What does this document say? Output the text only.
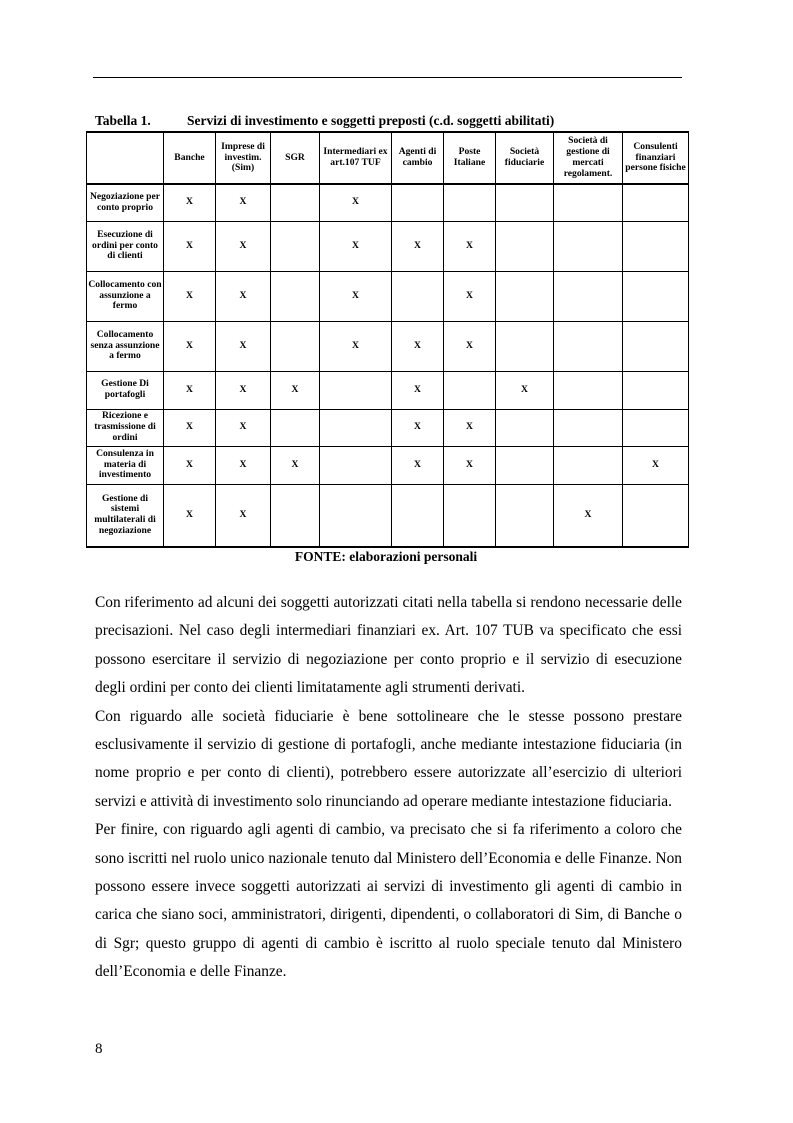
Tabella 1.	Servizi di investimento e soggetti preposti (c.d. soggetti abilitati)
	Banche	Imprese di investim. (Sim)	SGR	Intermediari ex art.107 TUF	Agenti di cambio	Poste Italiane	Società fiduciarie	Società di gestione di mercati regolament.	Consulenti finanziari persone fisiche
Negoziazione per conto proprio	X	X		X					
Esecuzione di ordini per conto di clienti	X	X		X	X	X			
Collocamento con assunzione a fermo	X	X		X		X			
Collocamento senza assunzione a fermo	X	X		X	X	X			
Gestione Di portafogli	X	X	X		X		X		
Ricezione e trasmissione di ordini	X	X			X	X			
Consulenza in materia di investimento	X	X	X		X	X			X
Gestione di sistemi multilaterali di negoziazione	X	X						X	
FONTE: elaborazioni personali

Con riferimento ad alcuni dei soggetti autorizzati citati nella tabella si rendono necessarie delle precisazioni. Nel caso degli intermediari finanziari ex. Art. 107 TUB va specificato che essi possono esercitare il servizio di negoziazione per conto proprio e il servizio di esecuzione degli ordini per conto dei clienti limitatamente agli strumenti derivati.

Con riguardo alle società fiduciarie è bene sottolineare che le stesse possono prestare esclusivamente il servizio di gestione di portafogli, anche mediante intestazione fiduciaria (in nome proprio e per conto di clienti), potrebbero essere autorizzate all’esercizio di ulteriori servizi e attività di investimento solo rinunciando ad operare mediante intestazione fiduciaria.

Per finire, con riguardo agli agenti di cambio, va precisato che si fa riferimento a coloro che sono iscritti nel ruolo unico nazionale tenuto dal Ministero dell’Economia e delle Finanze. Non possono essere invece soggetti autorizzati ai servizi di investimento gli agenti di cambio in carica che siano soci, amministratori, dirigenti, dipendenti, o collaboratori di Sim, di Banche o di Sgr; questo gruppo di agenti di cambio è iscritto al ruolo speciale tenuto dal Ministero dell’Economia e delle Finanze.

8
